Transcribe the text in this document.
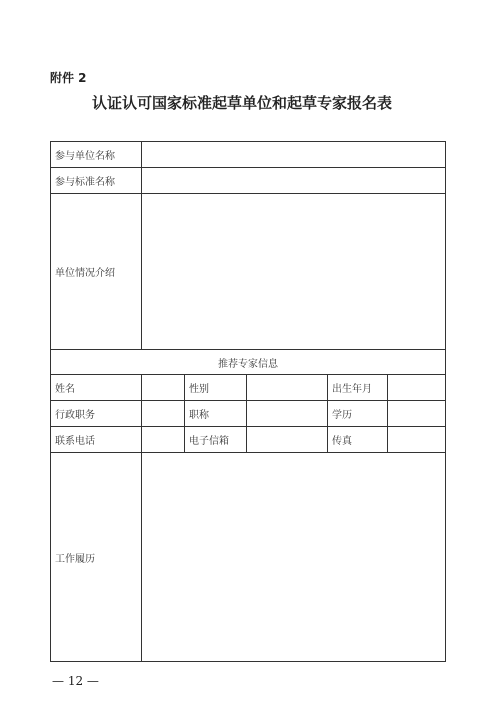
附件 2
认证认可国家标准起草单位和起草专家报名表
参与单位名称					
参与标准名称					
单位情况介绍					
推荐专家信息					
姓名		性别		出生年月	
行政职务		职称		学历	
联系电话		电子信箱		传真	
工作履历					
— 12 —
